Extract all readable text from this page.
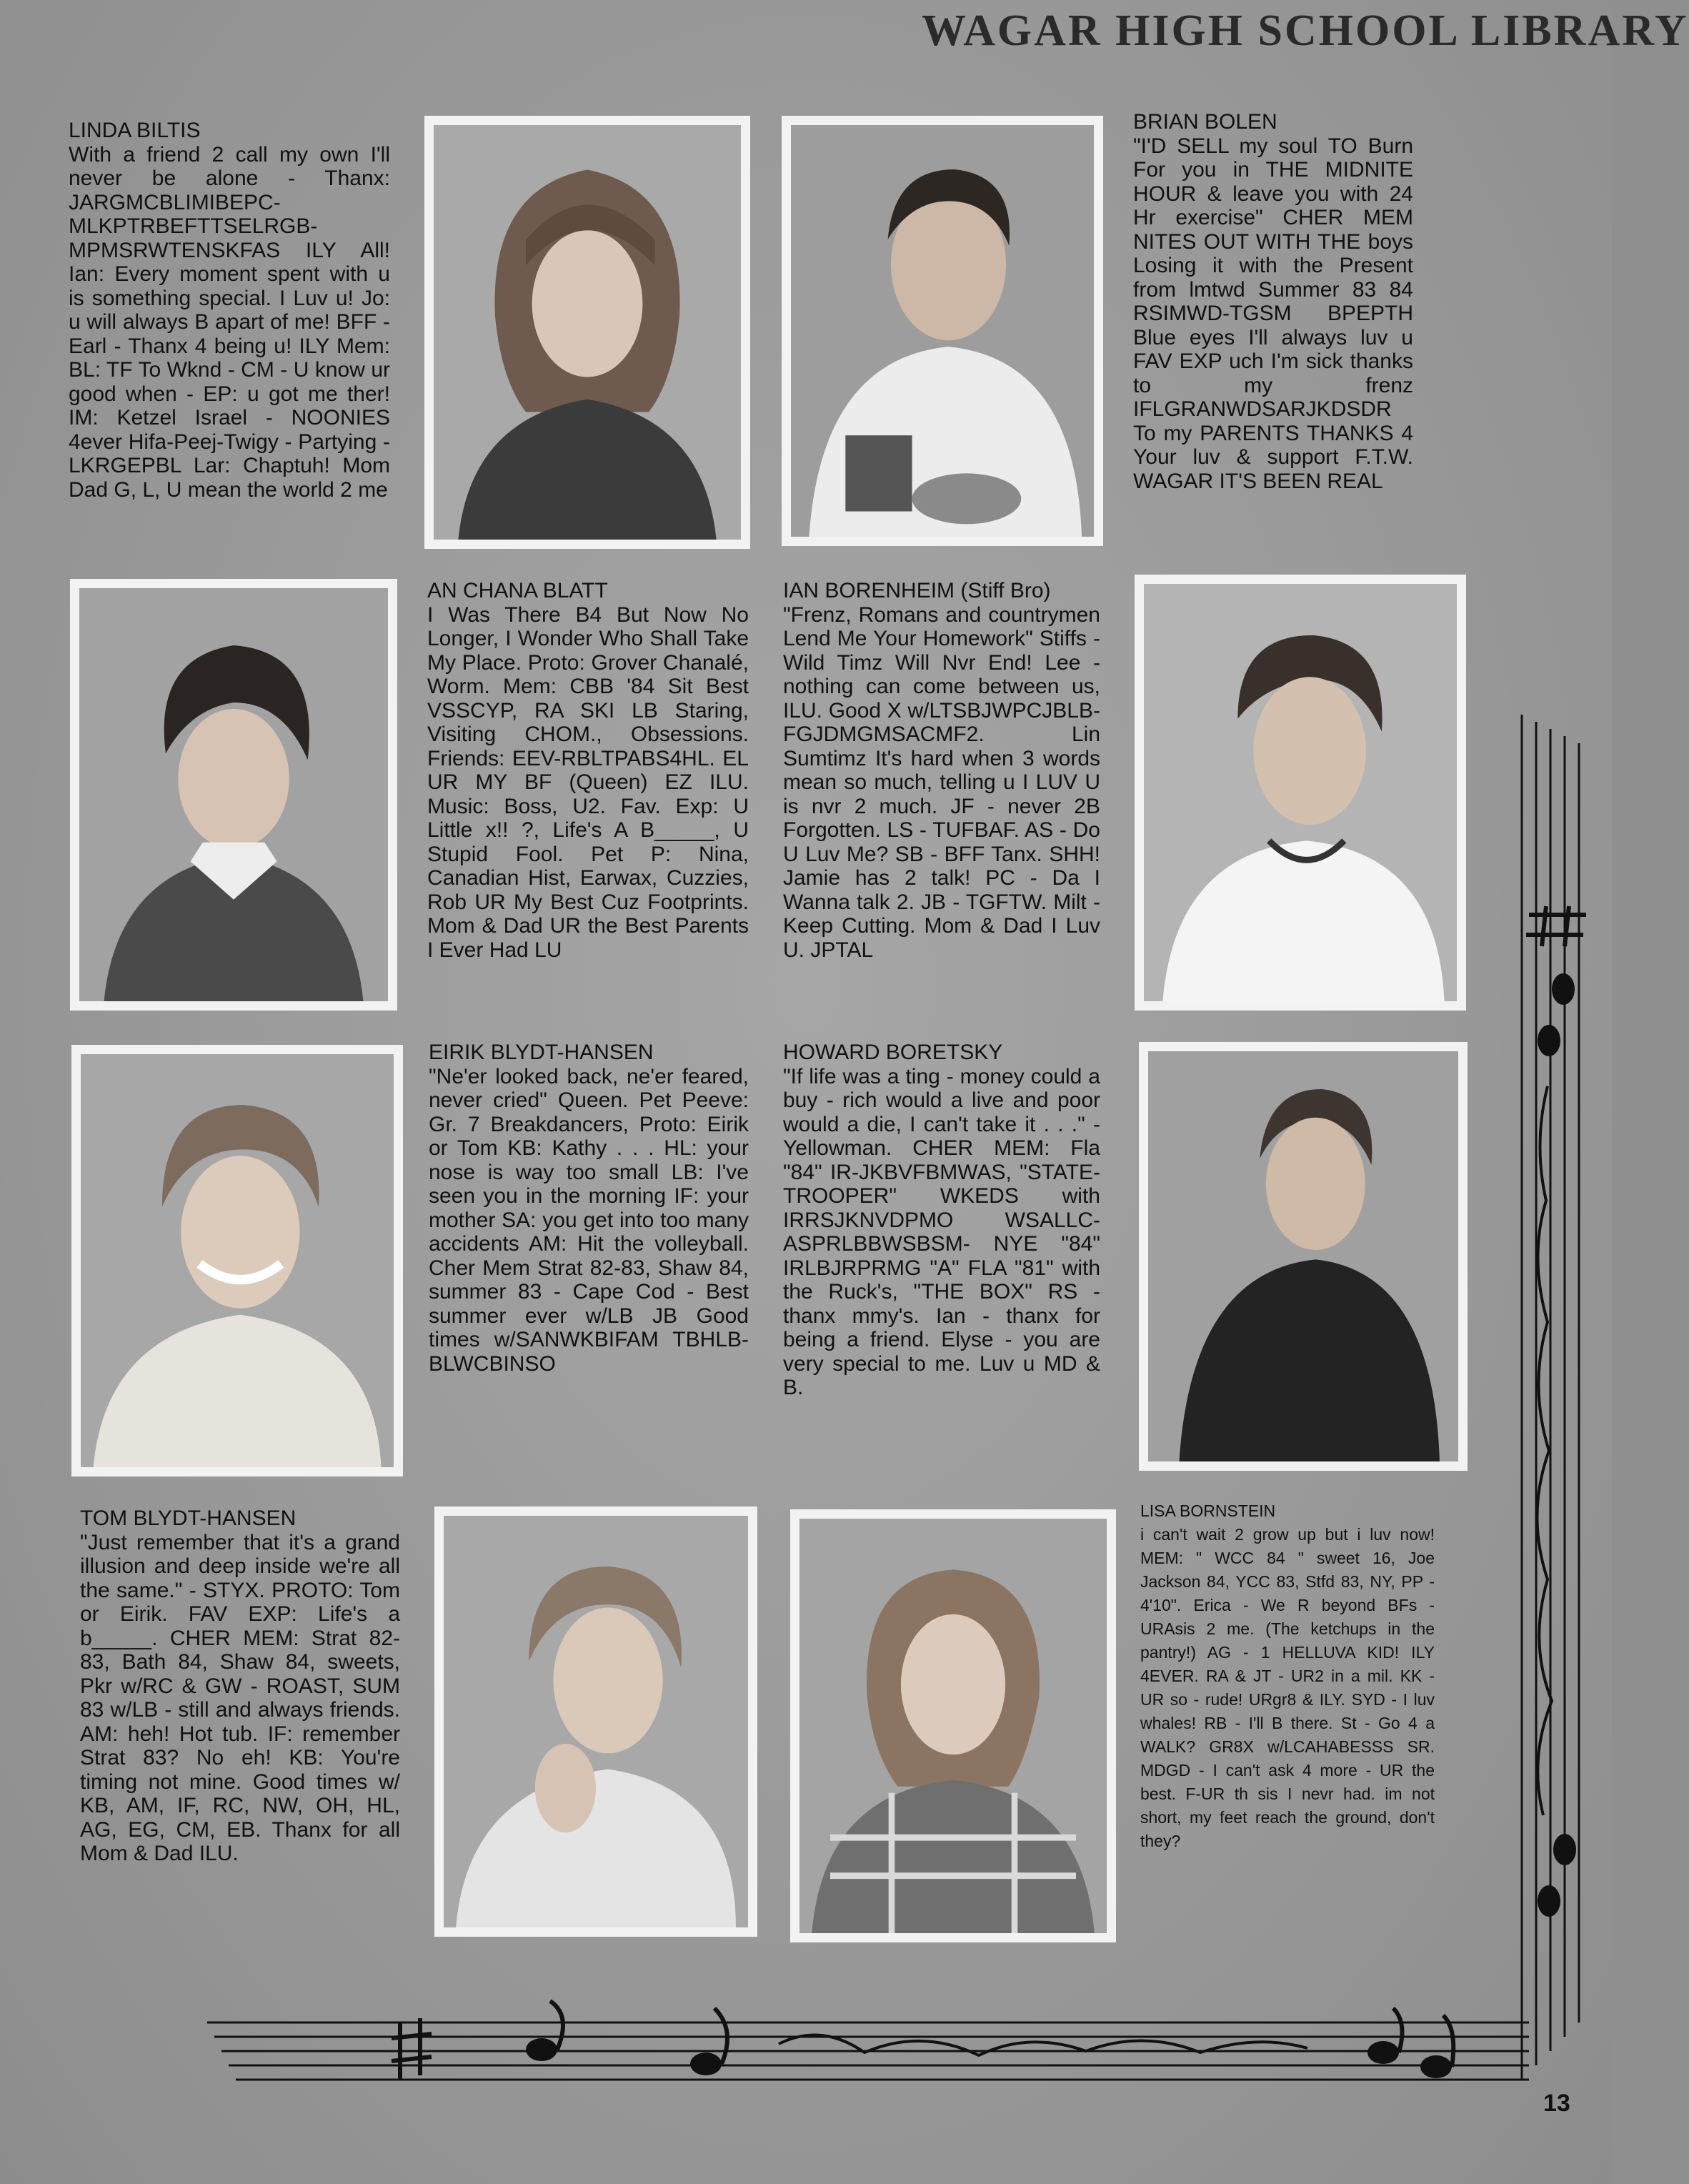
WAGAR HIGH SCHOOL LIBRARY
LINDA BILTIS
With a friend 2 call my own I'll never be alone - Thanx: JARGMCBLIMIBEPC-MLKPTRBEFTTSELRGB-MPMSRWTENSKFAS ILY All! Ian: Every moment spent with u is something special. I Luv u! Jo: u will always B apart of me! BFF - Earl - Thanx 4 being u! ILY Mem: BL: TF To Wknd - CM - U know ur good when - EP: u got me ther! IM: Ketzel Israel - NOONIES 4ever Hifa-Peej-Twigy - Partying - LKRGEPBL Lar: Chaptuh! Mom Dad G, L, U mean the world 2 me
BRIAN BOLEN
"I'D SELL my soul TO Burn For you in THE MIDNITE HOUR & leave you with 24 Hr exercise" CHER MEM NITES OUT WITH THE boys Losing it with the Present from lmtwd Summer 83 84 RSIMWD-TGSM BPEPTH Blue eyes I'll always luv u FAV EXP uch I'm sick thanks to my frenz IFLGRANWDSARJKDSDR To my PARENTS THANKS 4 Your luv & support F.T.W. WAGAR IT'S BEEN REAL
AN CHANA BLATT
I Was There B4 But Now No Longer, I Wonder Who Shall Take My Place. Proto: Grover Chanalé, Worm. Mem: CBB '84 Sit Best VSSCYP, RA SKI LB Staring, Visiting CHOM., Obsessions. Friends: EEV-RBLTPABS4HL. EL UR MY BF (Queen) EZ ILU. Music: Boss, U2. Fav. Exp: U Little x!! ?, Life's A B_____, U Stupid Fool. Pet P: Nina, Canadian Hist, Earwax, Cuzzies, Rob UR My Best Cuz Footprints. Mom & Dad UR the Best Parents I Ever Had LU
IAN BORENHEIM (Stiff Bro)
"Frenz, Romans and countrymen Lend Me Your Homework" Stiffs - Wild Timz Will Nvr End! Lee - nothing can come between us, ILU. Good X w/LTSBJWPCJBLB-FGJDMGMSACMF2. Lin Sumtimz It's hard when 3 words mean so much, telling u I LUV U is nvr 2 much. JF - never 2B Forgotten. LS - TUFBAF. AS - Do U Luv Me? SB - BFF Tanx. SHH! Jamie has 2 talk! PC - Da I Wanna talk 2. JB - TGFTW. Milt - Keep Cutting. Mom & Dad I Luv U. JPTAL
EIRIK BLYDT-HANSEN
"Ne'er looked back, ne'er feared, never cried" Queen. Pet Peeve: Gr. 7 Breakdancers, Proto: Eirik or Tom KB: Kathy . . . HL: your nose is way too small LB: I've seen you in the morning IF: your mother SA: you get into too many accidents AM: Hit the volleyball. Cher Mem Strat 82-83, Shaw 84, summer 83 - Cape Cod - Best summer ever w/LB JB Good times w/SANWKBIFAM TBHLB-BLWCBINSO
HOWARD BORETSKY
"If life was a ting - money could a buy - rich would a live and poor would a die, I can't take it . . ." - Yellowman. CHER MEM: Fla "84" IR-JKBVFBMWAS, "STATE-TROOPER" WKEDS with IRRSJKNVDPMO WSALLC-ASPRLBBWSBSM- NYE "84" IRLBJRPRMG "A" FLA "81" with the Ruck's, "THE BOX" RS - thanx mmy's. Ian - thanx for being a friend. Elyse - you are very special to me. Luv u MD & B.
TOM BLYDT-HANSEN
"Just remember that it's a grand illusion and deep inside we're all the same." - STYX. PROTO: Tom or Eirik. FAV EXP: Life's a b_____. CHER MEM: Strat 82-83, Bath 84, Shaw 84, sweets, Pkr w/RC & GW - ROAST, SUM 83 w/LB - still and always friends. AM: heh! Hot tub. IF: remember Strat 83? No eh! KB: You're timing not mine. Good times w/ KB, AM, IF, RC, NW, OH, HL, AG, EG, CM, EB. Thanx for all Mom & Dad ILU.
LISA BORNSTEIN
i can't wait 2 grow up but i luv now! MEM: " WCC 84 " sweet 16, Joe Jackson 84, YCC 83, Stfd 83, NY, PP - 4'10". Erica - We R beyond BFs - URAsis 2 me. (The ketchups in the pantry!) AG - 1 HELLUVA KID! ILY 4EVER. RA & JT - UR2 in a mil. KK - UR so - rude! URgr8 & ILY. SYD - I luv whales! RB - I'll B there. St - Go 4 a WALK? GR8X w/LCAHABESSS SR. MDGD - I can't ask 4 more - UR the best. F-UR th sis I nevr had. im not short, my feet reach the ground, don't they?
13
